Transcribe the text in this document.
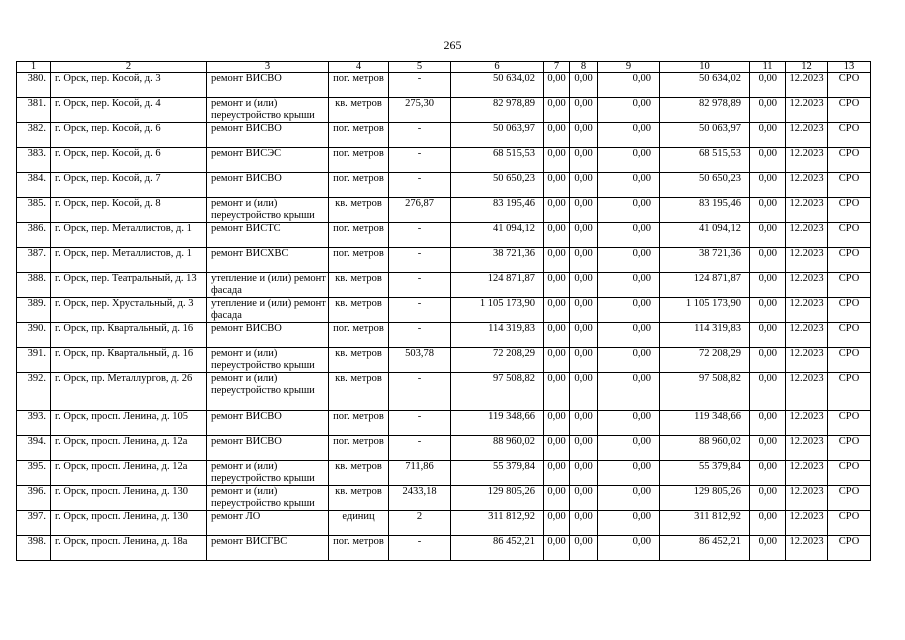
265
1	2	3	4	5	6	7	8	9	10	11	12	13
380.	г. Орск, пер. Косой, д. 3	ремонт ВИСВО	пог. метров	-	50 634,02	0,00	0,00	0,00	50 634,02	0,00	12.2023	СРО
381.	г. Орск, пер. Косой, д. 4	ремонт и (или) переустройство крыши	кв. метров	275,30	82 978,89	0,00	0,00	0,00	82 978,89	0,00	12.2023	СРО
382.	г. Орск, пер. Косой, д. 6	ремонт ВИСВО	пог. метров	-	50 063,97	0,00	0,00	0,00	50 063,97	0,00	12.2023	СРО
383.	г. Орск, пер. Косой, д. 6	ремонт ВИСЭС	пог. метров	-	68 515,53	0,00	0,00	0,00	68 515,53	0,00	12.2023	СРО
384.	г. Орск, пер. Косой, д. 7	ремонт ВИСВО	пог. метров	-	50 650,23	0,00	0,00	0,00	50 650,23	0,00	12.2023	СРО
385.	г. Орск, пер. Косой, д. 8	ремонт и (или) переустройство крыши	кв. метров	276,87	83 195,46	0,00	0,00	0,00	83 195,46	0,00	12.2023	СРО
386.	г. Орск, пер. Металлистов, д. 1	ремонт ВИСТС	пог. метров	-	41 094,12	0,00	0,00	0,00	41 094,12	0,00	12.2023	СРО
387.	г. Орск, пер. Металлистов, д. 1	ремонт ВИСХВС	пог. метров	-	38 721,36	0,00	0,00	0,00	38 721,36	0,00	12.2023	СРО
388.	г. Орск, пер. Театральный, д. 13	утепление и (или) ремонт фасада	кв. метров	-	124 871,87	0,00	0,00	0,00	124 871,87	0,00	12.2023	СРО
389.	г. Орск, пер. Хрустальный, д. 3	утепление и (или) ремонт фасада	кв. метров	-	1 105 173,90	0,00	0,00	0,00	1 105 173,90	0,00	12.2023	СРО
390.	г. Орск, пр. Квартальный, д. 16	ремонт ВИСВО	пог. метров	-	114 319,83	0,00	0,00	0,00	114 319,83	0,00	12.2023	СРО
391.	г. Орск, пр. Квартальный, д. 16	ремонт и (или) переустройство крыши	кв. метров	503,78	72 208,29	0,00	0,00	0,00	72 208,29	0,00	12.2023	СРО
392.	г. Орск, пр. Металлургов, д. 26	ремонт и (или) переустройство крыши	кв. метров	-	97 508,82	0,00	0,00	0,00	97 508,82	0,00	12.2023	СРО
393.	г. Орск, просп. Ленина, д. 105	ремонт ВИСВО	пог. метров	-	119 348,66	0,00	0,00	0,00	119 348,66	0,00	12.2023	СРО
394.	г. Орск, просп. Ленина, д. 12а	ремонт ВИСВО	пог. метров	-	88 960,02	0,00	0,00	0,00	88 960,02	0,00	12.2023	СРО
395.	г. Орск, просп. Ленина, д. 12а	ремонт и (или) переустройство крыши	кв. метров	711,86	55 379,84	0,00	0,00	0,00	55 379,84	0,00	12.2023	СРО
396.	г. Орск, просп. Ленина, д. 130	ремонт и (или) переустройство крыши	кв. метров	2433,18	129 805,26	0,00	0,00	0,00	129 805,26	0,00	12.2023	СРО
397.	г. Орск, просп. Ленина, д. 130	ремонт ЛО	единиц	2	311 812,92	0,00	0,00	0,00	311 812,92	0,00	12.2023	СРО
398.	г. Орск, просп. Ленина, д. 18а	ремонт ВИСГВС	пог. метров	-	86 452,21	0,00	0,00	0,00	86 452,21	0,00	12.2023	СРО
